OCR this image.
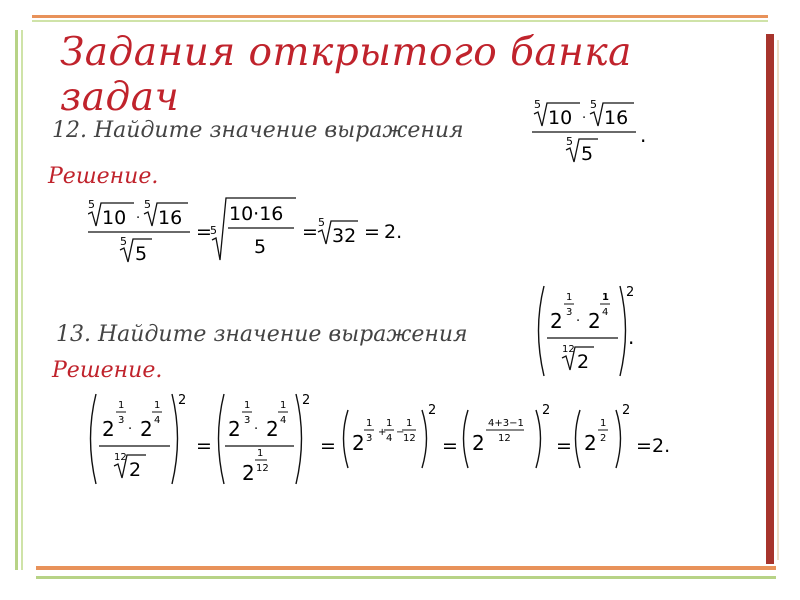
Задания открытого банка задач
12. Найдите значение выражения
5
10 ·
5
16
5
5
.
Решение.
5
10 ·
5
16
5
5
=
5
10·16
5
= 5
32 = 2.
13. Найдите значение выражения
2
1
3
2 · 2
1
4
12
2
.
Решение.
2
1
3
2 · 2
1
4
12
2
=
2
1
3
2 · 2
1
4
2
1
12
=
2
2
1
3
+
1
4
−
1
12 =
2
2
4+3−1
12 =
2
2
1
2 = 2.
